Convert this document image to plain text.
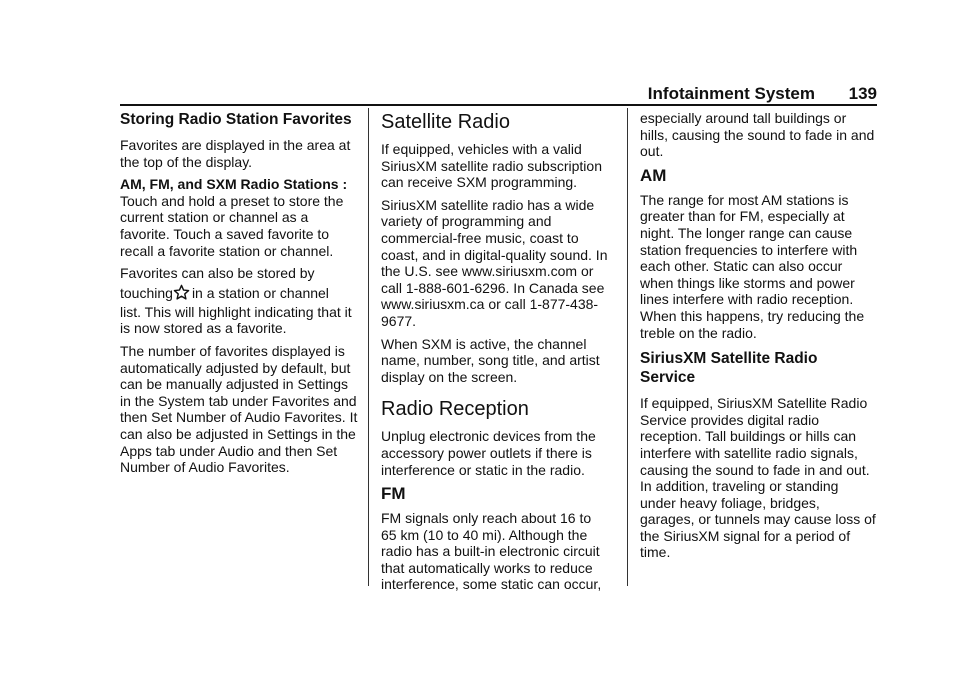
Infotainment System 139
Storing Radio Station Favorites

Favorites are displayed in the area at the top of the display.

AM, FM, and SXM Radio Stations : Touch and hold a preset to store the current station or channel as a favorite. Touch a saved favorite to recall a favorite station or channel.

Favorites can also be stored by
touching in a station or channel
list. This will highlight indicating that it is now stored as a favorite.

The number of favorites displayed is automatically adjusted by default, but can be manually adjusted in Settings in the System tab under Favorites and then Set Number of Audio Favorites. It can also be adjusted in Settings in the Apps tab under Audio and then Set Number of Audio Favorites.

Satellite Radio

If equipped, vehicles with a valid SiriusXM satellite radio subscription can receive SXM programming.

SiriusXM satellite radio has a wide variety of programming and commercial-free music, coast to coast, and in digital-quality sound. In the U.S. see www.siriusxm.com or call 1-888-601-6296. In Canada see www.siriusxm.ca or call 1-877-438-9677.

When SXM is active, the channel name, number, song title, and artist display on the screen.

Radio Reception

Unplug electronic devices from the accessory power outlets if there is interference or static in the radio.

FM

FM signals only reach about 16 to 65 km (10 to 40 mi). Although the radio has a built-in electronic circuit that automatically works to reduce interference, some static can occur,

especially around tall buildings or hills, causing the sound to fade in and out.

AM

The range for most AM stations is greater than for FM, especially at night. The longer range can cause station frequencies to interfere with each other. Static can also occur when things like storms and power lines interfere with radio reception. When this happens, try reducing the treble on the radio.

SiriusXM Satellite Radio Service

If equipped, SiriusXM Satellite Radio Service provides digital radio reception. Tall buildings or hills can interfere with satellite radio signals, causing the sound to fade in and out. In addition, traveling or standing under heavy foliage, bridges, garages, or tunnels may cause loss of the SiriusXM signal for a period of time.
